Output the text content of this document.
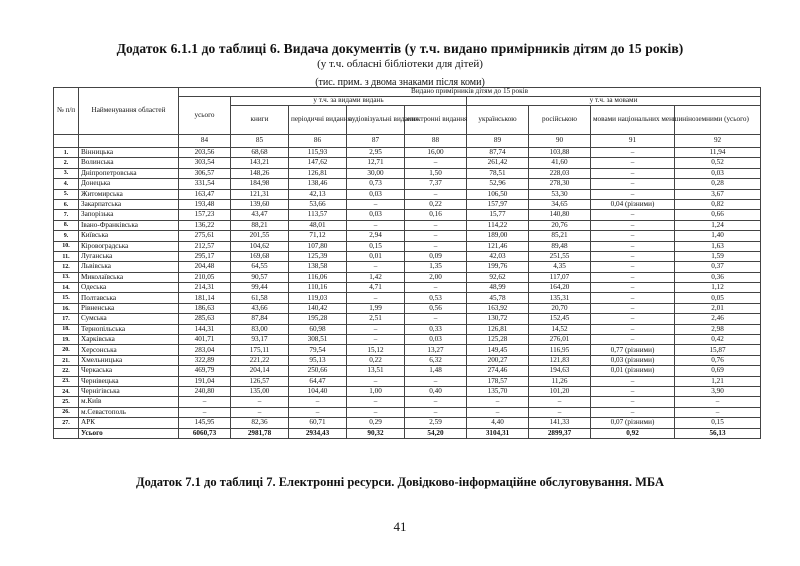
Додаток 6.1.1 до таблиці 6. Видача документів (у т.ч. видано примірників дітям до 15 років)
(у т.ч. обласні бібліотеки для дітей)
(тис. прим. з двома знаками після коми)
№ п/п	Найменування областей	Видано примірників дітям до 15 років								
		усього	у т.ч. за видами видань				у т.ч. за мовами			
			книги	періодичні видання	аудіовізуальні видання	електронні видання	українською	російською	мовами національних меншин	іноземними (усього)
		84	85	86	87	88	89	90	91	92
1.	Вінницька	203,56	68,68	115,93	2,95	16,00	87,74	103,88	–	11,94
2.	Волинська	303,54	143,21	147,62	12,71	–	261,42	41,60	–	0,52
3.	Дніпропетровська	306,57	148,26	126,81	30,00	1,50	78,51	228,03	–	0,03
4.	Донецька	331,54	184,98	138,46	0,73	7,37	52,96	278,30	–	0,28
5.	Житомирська	163,47	121,31	42,13	0,03	–	106,50	53,30	–	3,67
6.	Закарпатська	193,48	139,60	53,66	–	0,22	157,97	34,65	0,04 (різними)	0,82
7.	Запорізька	157,23	43,47	113,57	0,03	0,16	15,77	140,80	–	0,66
8.	Івано-Франківська	136,22	88,21	48,01	–	–	114,22	20,76	–	1,24
9.	Київська	275,61	201,55	71,12	2,94	–	189,00	85,21	–	1,40
10.	Кіровоградська	212,57	104,62	107,80	0,15	–	121,46	89,48	–	1,63
11.	Луганська	295,17	169,68	125,39	0,01	0,09	42,03	251,55	–	1,59
12.	Львівська	204,48	64,55	138,58	–	1,35	199,76	4,35	–	0,37
13.	Миколаївська	210,05	90,57	116,06	1,42	2,00	92,62	117,07	–	0,36
14.	Одеська	214,31	99,44	110,16	4,71	–	48,99	164,20	–	1,12
15.	Полтавська	181,14	61,58	119,03	–	0,53	45,78	135,31	–	0,05
16.	Рівненська	186,63	43,66	140,42	1,99	0,56	163,92	20,70	–	2,01
17.	Сумська	285,63	87,84	195,28	2,51	–	130,72	152,45	–	2,46
18.	Тернопільська	144,31	83,00	60,98	–	0,33	126,81	14,52	–	2,98
19.	Харківська	401,71	93,17	308,51	–	0,03	125,28	276,01	–	0,42
20.	Херсонська	283,04	175,11	79,54	15,12	13,27	149,45	116,95	0,77 (різними)	15,87
21.	Хмельницька	322,89	221,22	95,13	0,22	6,32	200,27	121,83	0,03 (різними)	0,76
22.	Черкаська	469,79	204,14	250,66	13,51	1,48	274,46	194,63	0,01 (різними)	0,69
23.	Чернівецька	191,04	126,57	64,47	–	–	178,57	11,26	–	1,21
24.	Чернігівська	240,80	135,00	104,40	1,00	0,40	135,70	101,20	–	3,90
25.	м.Київ	–	–	–	–	–	–	–	–	–
26.	м.Севастополь	–	–	–	–	–	–	–	–	–
27.	АРК	145,95	82,36	60,71	0,29	2,59	4,40	141,33	0,07 (різними)	0,15
	Усього	6060,73	2981,78	2934,43	90,32	54,20	3104,31	2899,37	0,92	56,13
Додаток 7.1 до таблиці 7. Електронні ресурси. Довідково-інформаційне обслуговування. МБА
41
